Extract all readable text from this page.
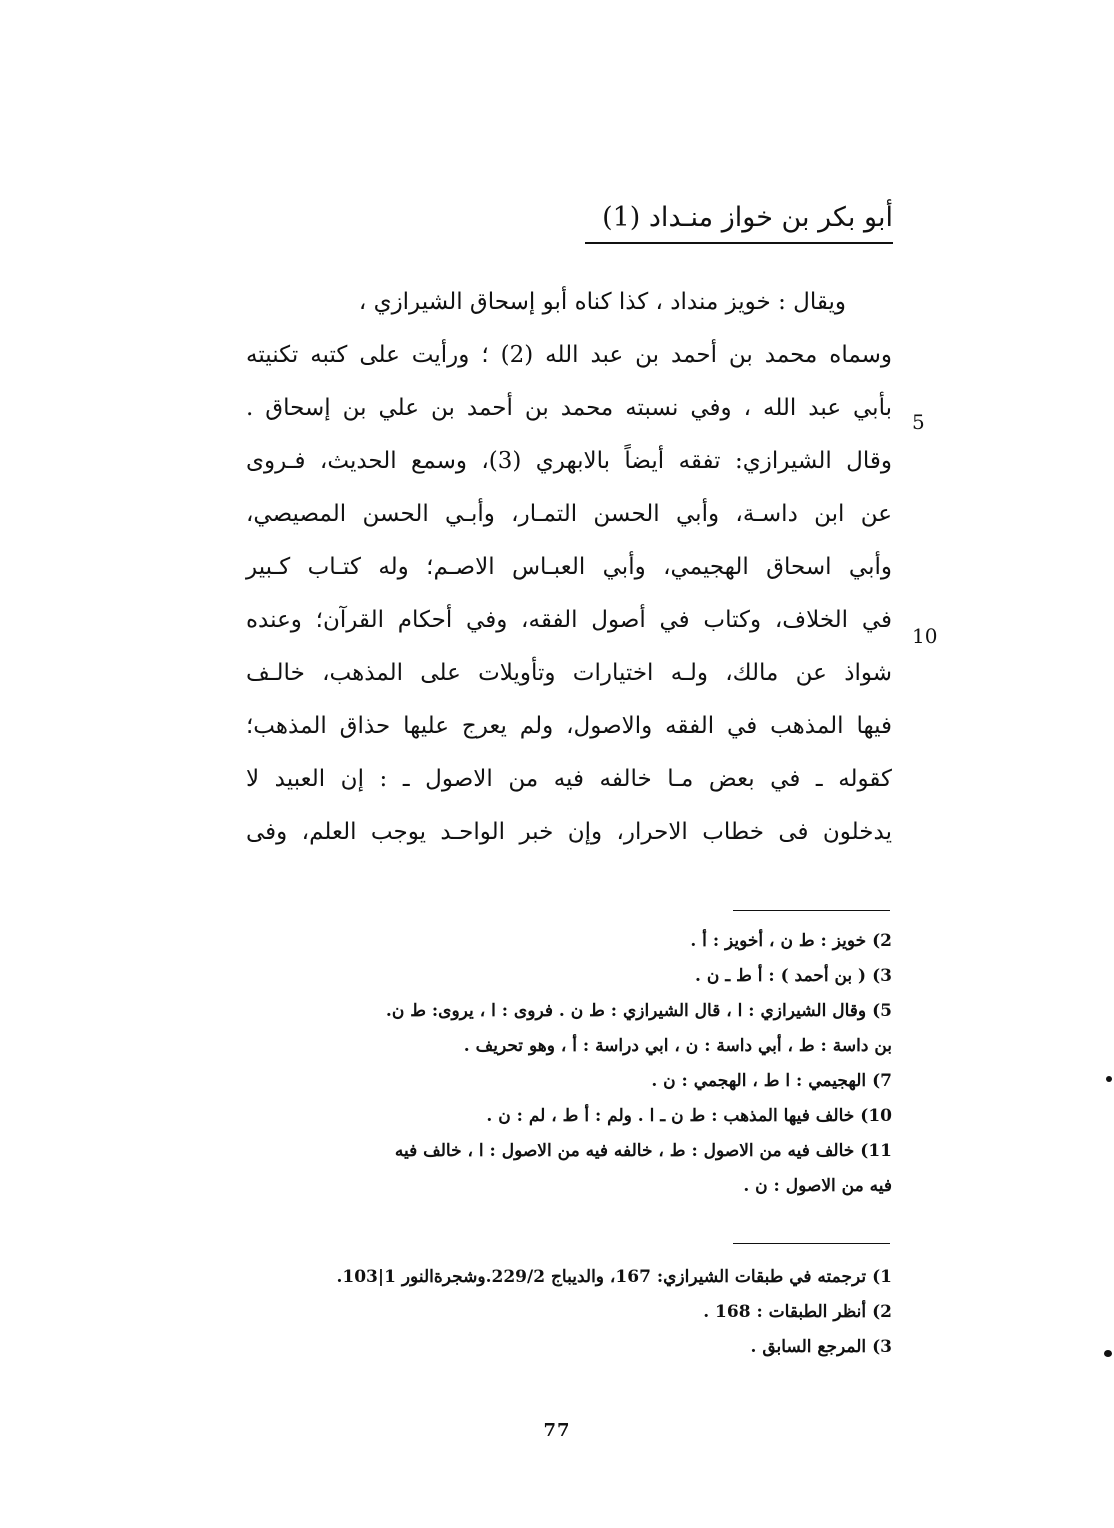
أبو بكر بن خواز منـداد (1)
ويقال : خويز منداد ، كذا كناه أبو إسحاق الشيرازي ،
وسماه محمد بن أحمد بن عبد الله (2) ؛ ورأيت على كتبه تكنيته
بأبي عبد الله ، وفي نسبته محمد بن أحمد بن علي بن إسحاق .
وقال الشيرازي: تفقه أيضاً بالابهري (3)، وسمع الحديث، فـروى
عن ابن داسـة، وأبي الحسن التمـار، وأبـي الحسن المصيصي،
وأبي اسحاق الهجيمي، وأبي العبـاس الاصـم؛ وله كتـاب كـبير
في الخلاف، وكتاب في أصول الفقه، وفي أحكام القرآن؛ وعنده
شواذ عن مالك، ولـه اختيارات وتأويلات على المذهب، خالـف
فيها المذهب في الفقه والاصول، ولم يعرج عليها حذاق المذهب؛
كقوله ـ في بعض مـا خالفه فيه من الاصول ـ : إن العبيد لا
يدخلون فى خطاب الاحرار، وإن خبر الواحـد يوجب العلم، وفى
5
10
2)خويز : ط ن ، أخويز : أ .
3)( بن أحمد ) : أ ط ـ ن .
5)وقال الشيرازي : ا ، قال الشيرازي : ط ن . فروى : ا ، يروى: ط ن.
بن داسة : ط ، أبي داسة : ن ، ابي دراسة : أ ، وهو تحريف .
7)الهجيمي : ا ط ، الهجمي : ن .
10)خالف فيها المذهب : ط ن ـ ا . ولم : أ ط ، لم : ن .
11)خالف فيه من الاصول : ط ، خالفه فيه من الاصول : ا ، خالف فيه
فيه من الاصول : ن .
1)ترجمته في طبقات الشيرازي: 167، والديباج 229/2.وشجرةالنور 1|103.
2)أنظر الطبقات : 168 .
3)المرجع السابق .
77
